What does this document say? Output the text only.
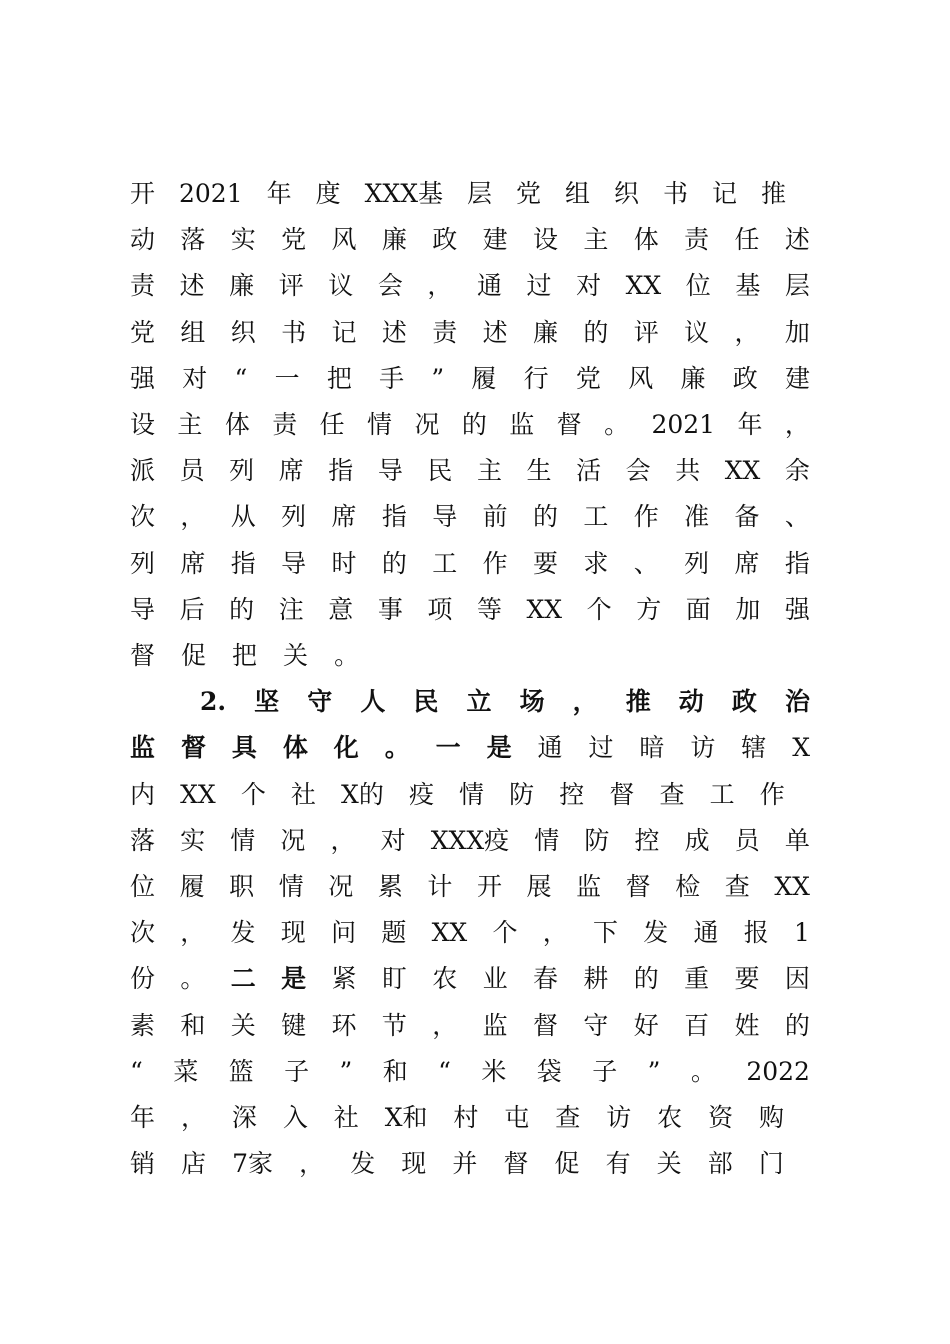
开 2021 年 度 XXX基 层 党 组 织 书 记 推
动 落 实 党 风 廉 政 建 设 主 体 责 任 述
责 述 廉 评 议 会 ， 通 过 对 XX 位 基 层
党 组 织 书 记 述 责 述 廉 的 评 议 ， 加
强 对 “ 一 把 手 ” 履 行 党 风 廉 政 建
设 主 体 责 任 情 况 的 监 督 。 2021 年 ，
派 员 列 席 指 导 民 主 生 活 会 共 XX 余
次 ， 从 列 席 指 导 前 的 工 作 准 备 、
列 席 指 导 时 的 工 作 要 求 、 列 席 指
导 后 的 注 意 事 项 等 XX 个 方 面 加 强
督 促 把 关 。
2. 坚 守 人 民 立 场 ， 推 动 政 治
监 督 具 体 化 。 一 是 通 过 暗 访 辖 X
内 XX 个 社 X的 疫 情 防 控 督 查 工 作
落 实 情 况 ， 对 XXX疫 情 防 控 成 员 单
位 履 职 情 况 累 计 开 展 监 督 检 查 XX
次 ， 发 现 问 题 XX 个 ， 下 发 通 报 1
份 。 二 是 紧 盯 农 业 春 耕 的 重 要 因
素 和 关 键 环 节 ， 监 督 守 好 百 姓 的
“ 菜 篮 子 ” 和 “ 米 袋 子 ” 。 2022
年 ， 深 入 社 X和 村 屯 查 访 农 资 购
销 店 7家 ， 发 现 并 督 促 有 关 部 门
